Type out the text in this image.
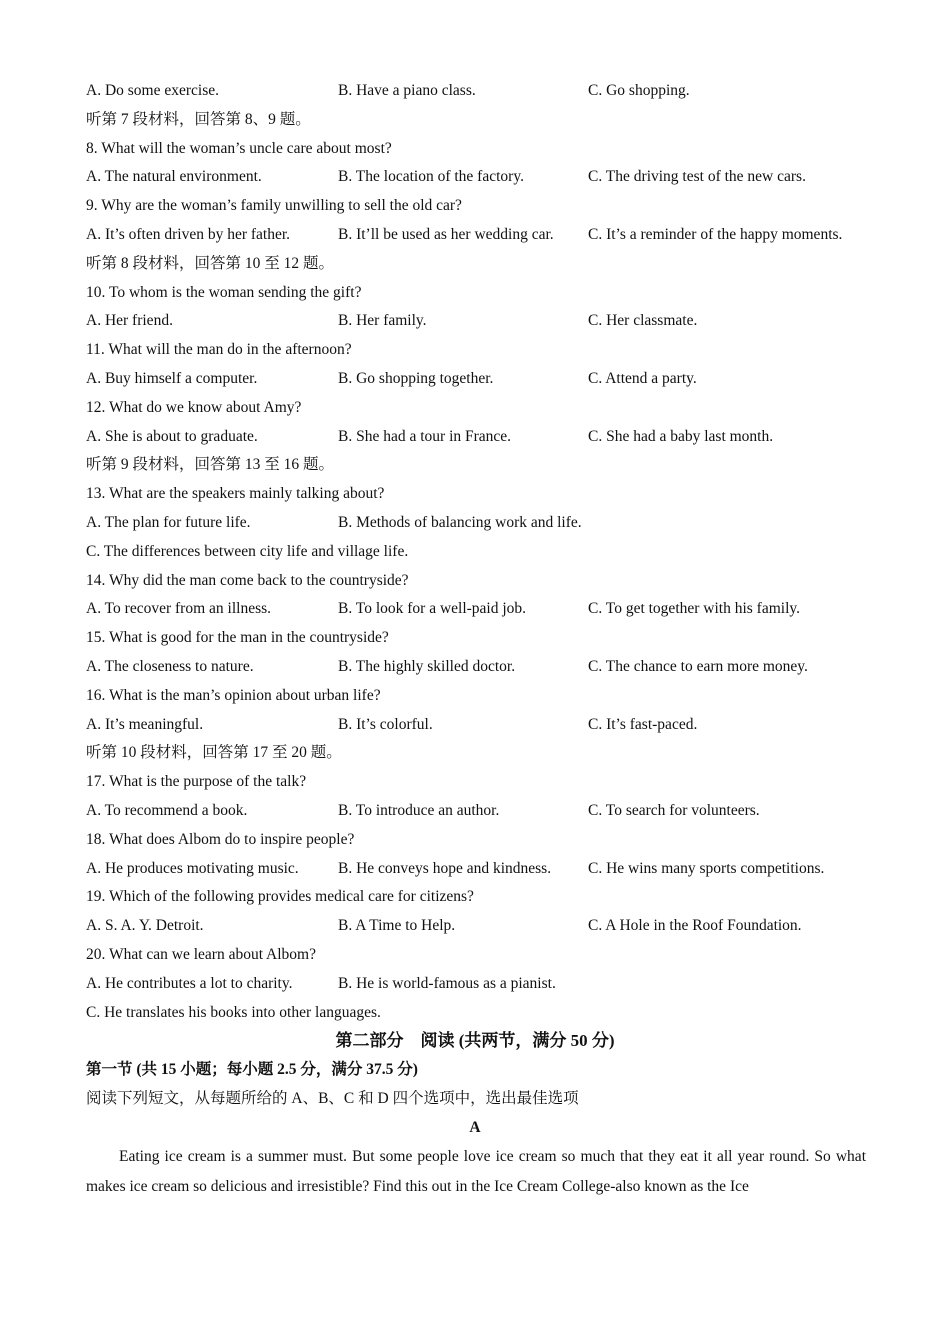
A. Do some exercise.	B. Have a piano class.	C. Go shopping.
听第 7 段材料，回答第 8、9 题。
8. What will the woman’s uncle care about most?
A. The natural environment.	B. The location of the factory.	C. The driving test of the new cars.
9. Why are the woman’s family unwilling to sell the old car?
A. It’s often driven by her father.	B. It’ll be used as her wedding car. C. It’s a reminder of the happy moments.
听第 8 段材料，回答第 10 至 12 题。
10. To whom is the woman sending the gift?
A. Her friend.	B. Her family.	C. Her classmate.
11. What will the man do in the afternoon?
A. Buy himself a computer.	B. Go shopping together.	C. Attend a party.
12. What do we know about Amy?
A. She is about to graduate.	B. She had a tour in France.	C. She had a baby last month.
听第 9 段材料，回答第 13 至 16 题。
13. What are the speakers mainly talking about?
A. The plan for future life.	B. Methods of balancing work and life.
C. The differences between city life and village life.
14. Why did the man come back to the countryside?
A. To recover from an illness.	B. To look for a well-paid job.	C. To get together with his family.
15. What is good for the man in the countryside?
A. The closeness to nature.	B. The highly skilled doctor.	C. The chance to earn more money.
16. What is the man’s opinion about urban life?
A. It’s meaningful.	B. It’s colorful.	C. It’s fast-paced.
听第 10 段材料，回答第 17 至 20 题。
17. What is the purpose of the talk?
A. To recommend a book.	B. To introduce an author.	C. To search for volunteers.
18. What does Albom do to inspire people?
A. He produces motivating music.	B. He conveys hope and kindness. C. He wins many sports competitions.
19. Which of the following provides medical care for citizens?
A. S. A. Y. Detroit.	B. A Time to Help.	C. A Hole in the Roof Foundation.
20. What can we learn about Albom?
A. He contributes a lot to charity.	B. He is world-famous as a pianist.
C. He translates his books into other languages.
第二部分　阅读 (共两节，满分 50 分)
第一节 (共 15 小题；每小题 2.5 分，满分 37.5 分)
阅读下列短文，从每题所给的 A、B、C 和 D 四个选项中，选出最佳选项
A
Eating ice cream is a summer must. But some people love ice cream so much that they eat it all year round. So what makes ice cream so delicious and irresistible? Find this out in the Ice Cream College-also known as the Ice
